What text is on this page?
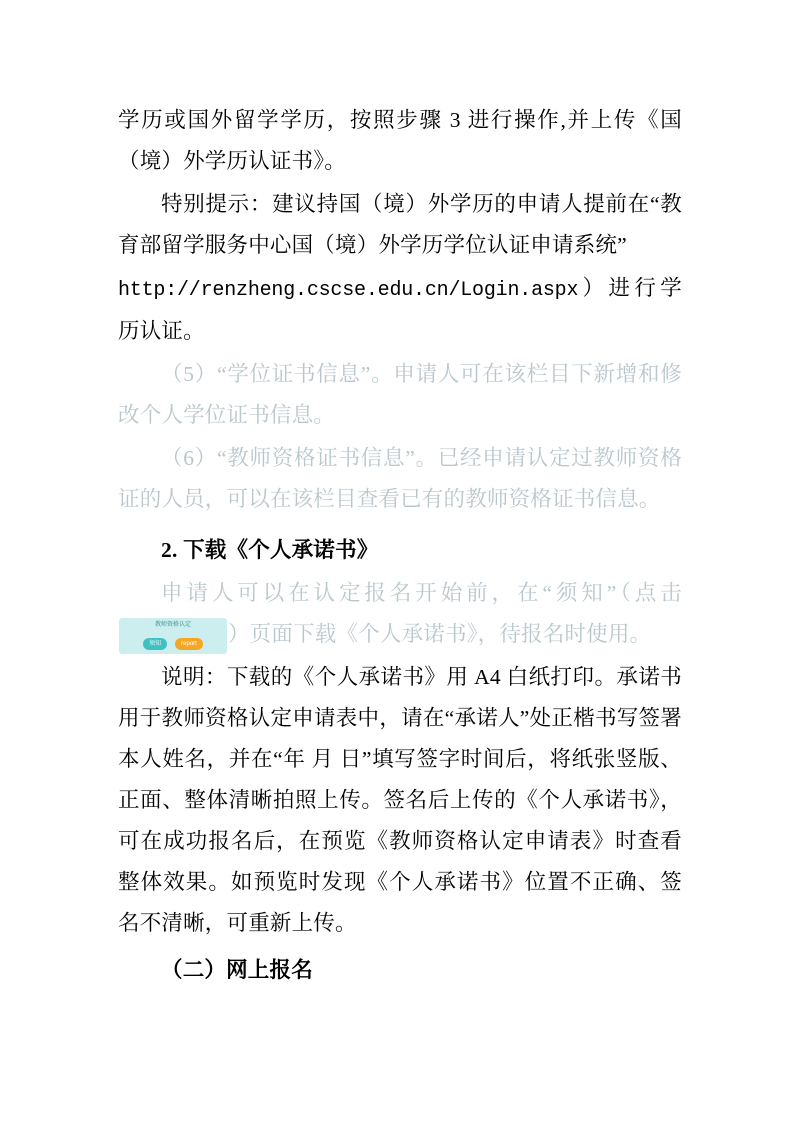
学历或国外留学学历，按照步骤 3 进行操作,并上传《国（境）外学历认证书》。

特别提示：建议持国（境）外学历的申请人提前在“教育部留学服务中心国（境）外学历学位认证申请系统”

http://renzheng.cscse.edu.cn/Login.aspx）进行学历认证。

（5）“学位证书信息”。申请人可在该栏目下新增和修改个人学位证书信息。

（6）“教师资格证书信息”。已经申请认定过教师资格证的人员，可以在该栏目查看已有的教师资格证书信息。

2. 下载《个人承诺书》

申请人可以在认定报名开始前，在“须知”（点击
教师资格认定
须知	report ）页面下载《个人承诺书》，待报名时使用。

说明：下载的《个人承诺书》用 A4 白纸打印。承诺书用于教师资格认定申请表中，请在“承诺人”处正楷书写签署本人姓名，并在“年 月 日”填写签字时间后，将纸张竖版、正面、整体清晰拍照上传。签名后上传的《个人承诺书》，可在成功报名后，在预览《教师资格认定申请表》时查看整体效果。如预览时发现《个人承诺书》位置不正确、签名不清晰，可重新上传。

（二）网上报名
